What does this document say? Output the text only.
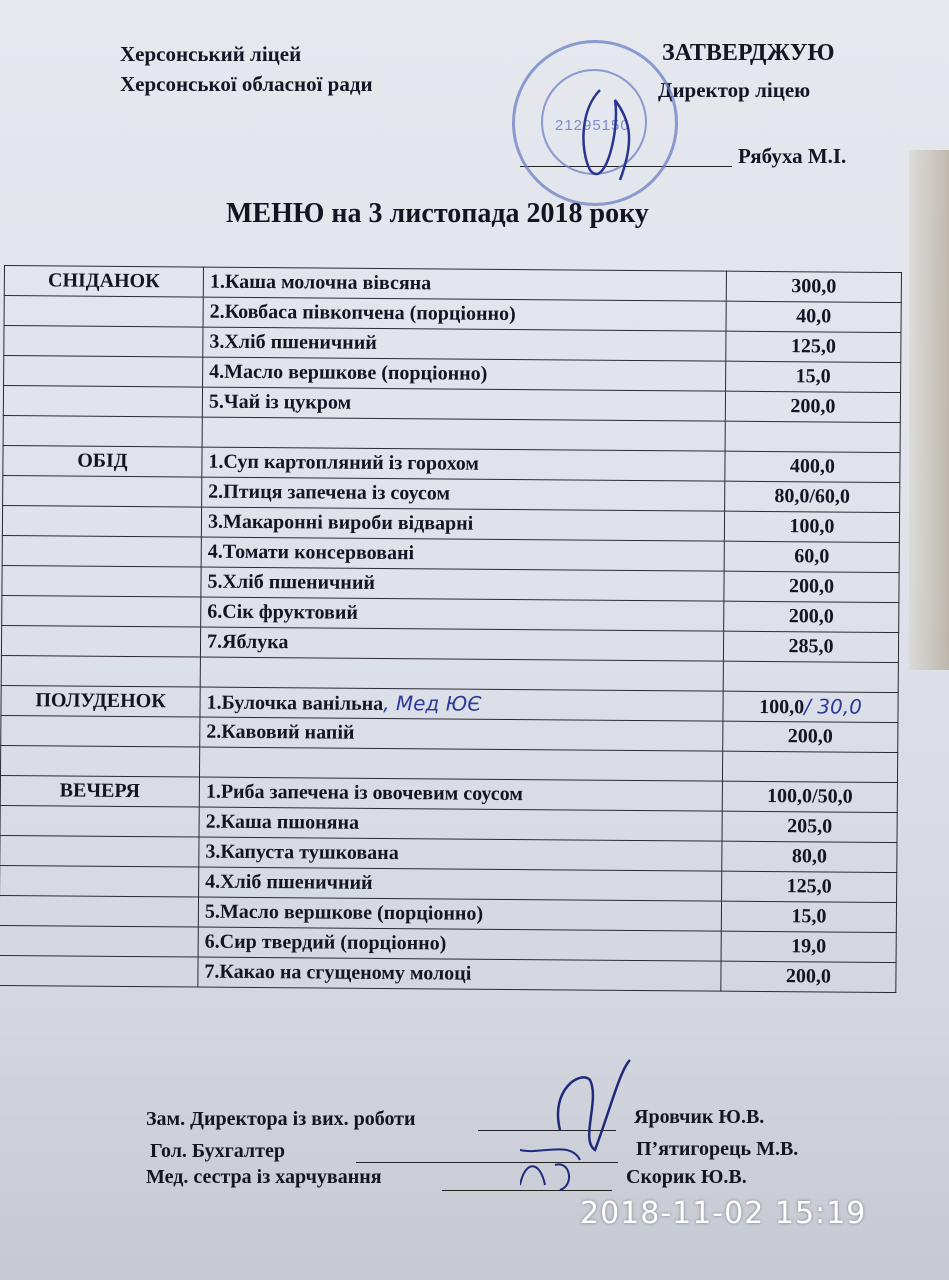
Херсонський ліцей
Херсонської обласної ради
ЗАТВЕРДЖУЮ
Директор ліцею
Рябуха М.І.
21295150
МЕНЮ на 3 листопада 2018 року
СНІДАНОК	1.Каша молочна вівсяна	300,0
	2.Ковбаса півкопчена (порціонно)	40,0
	3.Хліб пшеничний	125,0
	4.Масло вершкове (порціонно)	15,0
	5.Чай із цукром	200,0

ОБІД	1.Суп картопляний із горохом	400,0
	2.Птиця запечена із соусом	80,0/60,0
	3.Макаронні вироби відварні	100,0
	4.Томати консервовані	60,0
	5.Хліб пшеничний	200,0
	6.Сік фруктовий	200,0
	7.Яблука	285,0

ПОЛУДЕНОК	1.Булочка ванільна, Мед ЮЄ	100,0/ 30,0
	2.Кавовий напій	200,0

ВЕЧЕРЯ	1.Риба запечена із овочевим соусом	100,0/50,0
	2.Каша пшоняна	205,0
	3.Капуста тушкована	80,0
	4.Хліб пшеничний	125,0
	5.Масло вершкове (порціонно)	15,0
	6.Сир твердий (порціонно)	19,0
	7.Какао на сгущеному молоці	200,0
Зам. Директора із вих. роботи	Яровчик Ю.В.
Гол. Бухгалтер	П’ятигорець М.В.
Мед. сестра із харчування	Скорик Ю.В.
2018-11-02 15:19
